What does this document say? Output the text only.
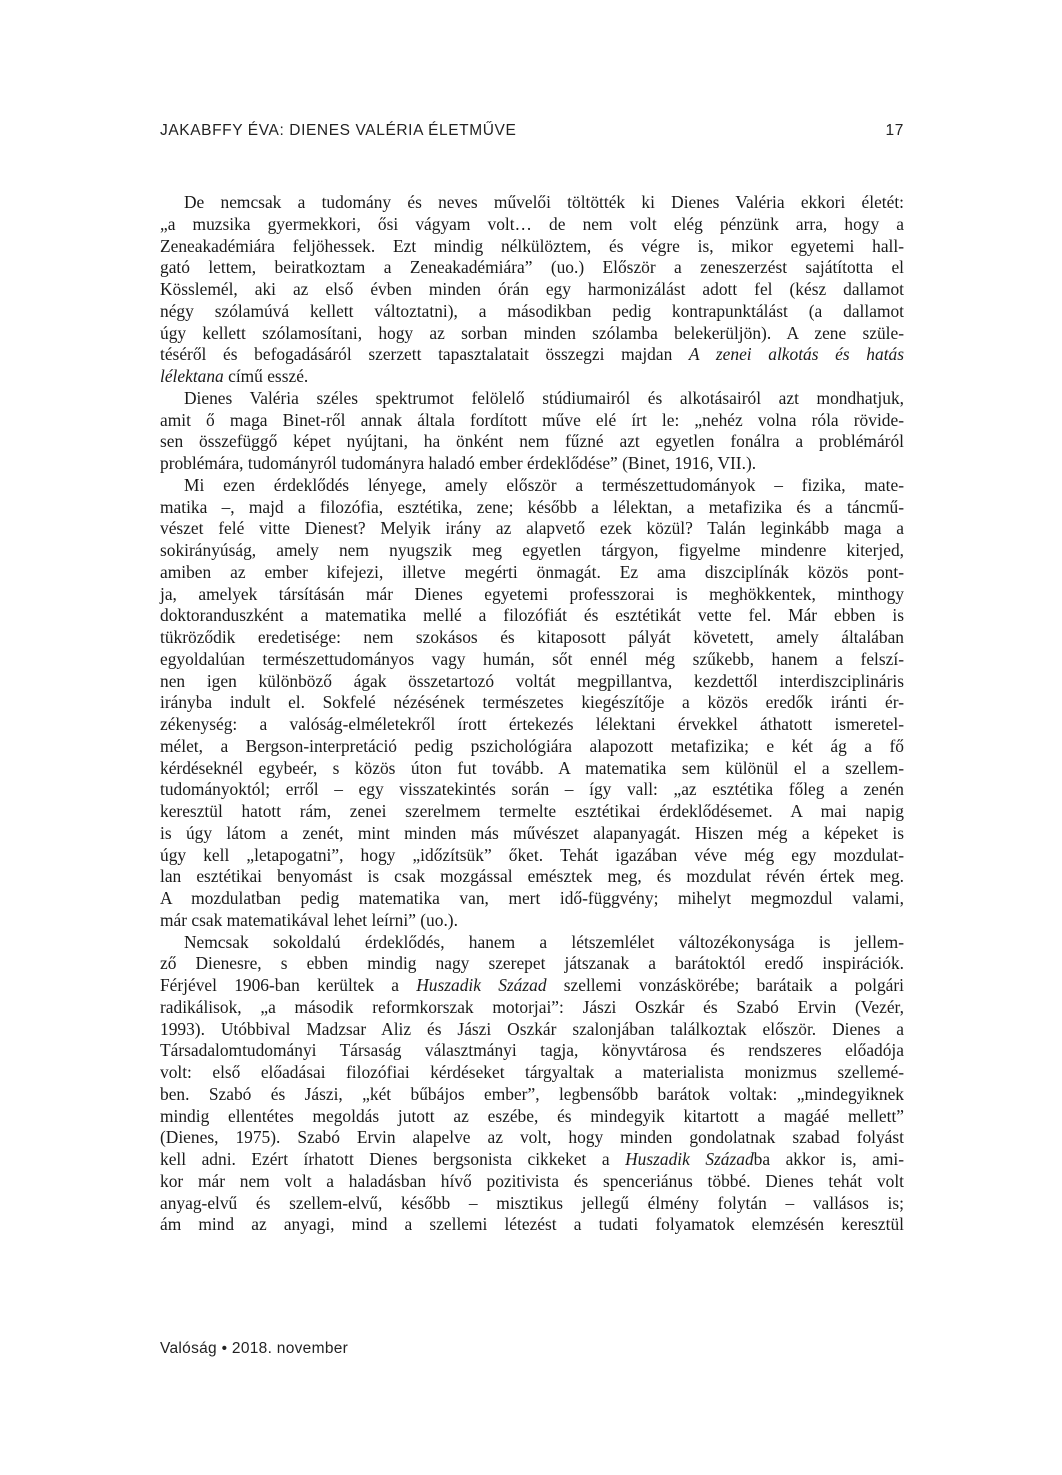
JAKABFFY ÉVA: DIENES VALÉRIA ÉLETMŰVE	17
De nemcsak a tudomány és neves művelői töltötték ki Dienes Valéria ekkori életét:
„a muzsika gyermekkori, ősi vágyam volt… de nem volt elég pénzünk arra, hogy a
Zeneakadémiára feljöhessek. Ezt mindig nélkülöztem, és végre is, mikor egyetemi hall-
gató lettem, beiratkoztam a Zeneakadémiára” (uo.) Először a zeneszerzést sajátította el
Kösslemél, aki az első évben minden órán egy harmonizálást adott fel (kész dallamot
négy szólamúvá kellett változtatni), a másodikban pedig kontrapunktálást (a dallamot
úgy kellett szólamosítani, hogy az sorban minden szólamba belekerüljön). A zene szüle-
téséről és befogadásáról szerzett tapasztalatait összegzi majdan A zenei alkotás és hatás
lélektana című esszé.
Dienes Valéria széles spektrumot felölelő stúdiumairól és alkotásairól azt mondhatjuk,
amit ő maga Binet-ről annak általa fordított műve elé írt le: „nehéz volna róla rövide-
sen összefüggő képet nyújtani, ha önként nem fűzné azt egyetlen fonálra a problémáról
problémára, tudományról tudományra haladó ember érdeklődése” (Binet, 1916, VII.).
Mi ezen érdeklődés lényege, amely először a természettudományok – fizika, mate-
matika –, majd a filozófia, esztétika, zene; később a lélektan, a metafizika és a táncmű-
vészet felé vitte Dienest? Melyik irány az alapvető ezek közül? Talán leginkább maga a
sokirányúság, amely nem nyugszik meg egyetlen tárgyon, figyelme mindenre kiterjed,
amiben az ember kifejezi, illetve megérti önmagát. Ez ama diszciplínák közös pont-
ja, amelyek társításán már Dienes egyetemi professzorai is meghökkentek, minthogy
doktoranduszként a matematika mellé a filozófiát és esztétikát vette fel. Már ebben is
tükröződik eredetisége: nem szokásos és kitaposott pályát követett, amely általában
egyoldalúan természettudományos vagy humán, sőt ennél még szűkebb, hanem a felszí-
nen igen különböző ágak összetartozó voltát megpillantva, kezdettől interdiszciplináris
irányba indult el. Sokfelé nézésének természetes kiegészítője a közös eredők iránti ér-
zékenység: a valóság-elméletekről írott értekezés lélektani érvekkel áthatott ismeretel-
mélet, a Bergson-interpretáció pedig pszichológiára alapozott metafizika; e két ág a fő
kérdéseknél egybeér, s közös úton fut tovább. A matematika sem különül el a szellem-
tudományoktól; erről – egy visszatekintés során – így vall: „az esztétika főleg a zenén
keresztül hatott rám, zenei szerelmem termelte esztétikai érdeklődésemet. A mai napig
is úgy látom a zenét, mint minden más művészet alapanyagát. Hiszen még a képeket is
úgy kell „letapogatni”, hogy „időzítsük” őket. Tehát igazában véve még egy mozdulat-
lan esztétikai benyomást is csak mozgással emésztek meg, és mozdulat révén értek meg.
A mozdulatban pedig matematika van, mert idő-függvény; mihelyt megmozdul valami,
már csak matematikával lehet leírni” (uo.).
Nemcsak sokoldalú érdeklődés, hanem a létszemlélet változékonysága is jellem-
ző Dienesre, s ebben mindig nagy szerepet játszanak a barátoktól eredő inspirációk.
Férjével 1906-ban kerültek a Huszadik Század szellemi vonzáskörébe; barátaik a polgári
radikálisok, „a második reformkorszak motorjai”: Jászi Oszkár és Szabó Ervin (Vezér,
1993). Utóbbival Madzsar Aliz és Jászi Oszkár szalonjában találkoztak először. Dienes a
Társadalomtudományi Társaság választmányi tagja, könyvtárosa és rendszeres előadója
volt: első előadásai filozófiai kérdéseket tárgyaltak a materialista monizmus szellemé-
ben. Szabó és Jászi, „két bűbájos ember”, legbensőbb barátok voltak: „mindegyiknek
mindig ellentétes megoldás jutott az eszébe, és mindegyik kitartott a magáé mellett”
(Dienes, 1975). Szabó Ervin alapelve az volt, hogy minden gondolatnak szabad folyást
kell adni. Ezért írhatott Dienes bergsonista cikkeket a Huszadik Századba akkor is, ami-
kor már nem volt a haladásban hívő pozitivista és spenceriánus többé. Dienes tehát volt
anyag-elvű és szellem-elvű, később – misztikus jellegű élmény folytán – vallásos is;
ám mind az anyagi, mind a szellemi létezést a tudati folyamatok elemzésén keresztül
Valóság • 2018. november
